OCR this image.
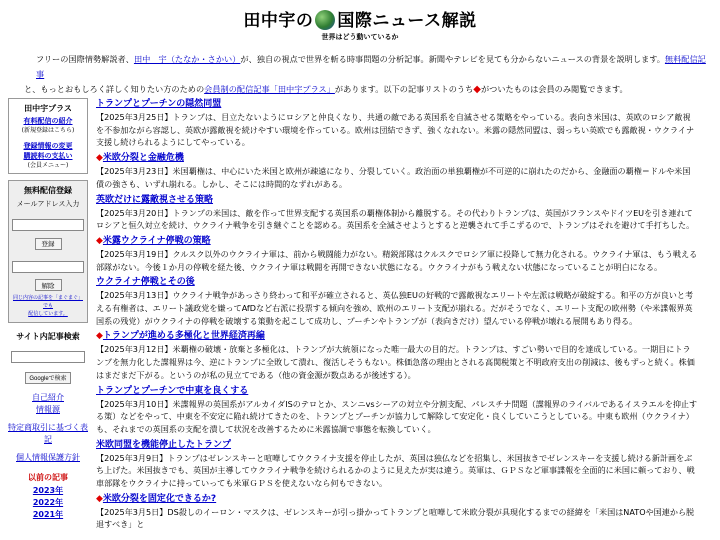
田中宇の 国際ニュース解説
世界はどう動いているか
フリーの国際情勢解説者、田中　宇（たなか・さかい）が、独自の視点で世界を斬る時事問題の分析記事。新聞やテレビを見ても分からないニュースの背景を説明します。無料配信記事
と、もっとおもしろく詳しく知りたい方のための会員制の配信記事「田中宇プラス」があります。以下の記事リストのうち◆がついたものは会員のみ閲覧できます。
田中宇プラス
有料配信の紹介
(新規登録はこちら)
登録情報の変更
購読料の支払い
(会員メニュー)
無料配信登録
メールアドレス入力
登録  解除
同じ内容の記事を「まぐまぐ」でも
配信しています。
サイト内記事検索
Googleで検索
自己紹介
情報源
特定商取引に基づく表記
個人情報保護方針
以前の記事
2023年
2022年
2021年
トランプとプーチンの隠然同盟
【2025年3月25日】トランプは、目立たないようにロシアと仲良くなり、共通の敵である英国系を自滅させる策略をやっている。表向き米国は、英欧のロシア敵視を不参加ながら容認し、英欧が露敵視を続けやすい環境を作っている。欧州は団結できず、強くなれない。米露の隠然同盟は、弱っちい英欧でも露敵視・ウクライナ支援し続けられるようにしてやっている。
◆米欧分裂と金融危機
【2025年3月23日】米国覇権は、中心にいた米国と欧州が疎遠になり、分裂していく。政治面の単独覇権が不可逆的に崩れたのだから、金融面の覇権＝ドルや米国債の強さも、いずれ崩れる。しかし、そこには時間的なずれがある。
英欧だけに露敵視させる策略
【2025年3月20日】トランプの米国は、敵を作って世界支配する英国系の覇権体制から離脱する。その代わりトランプは、英国がフランスやドイツEUを引き連れてロシアと恒久対立を続け、ウクライナ戦争を引き継ぐことを認める。英国系を全滅させようとすると逆襲されて手こずるので、トランプはそれを避けて手打ちした。
◆米露ウクライナ停戦の策略
【2025年3月19日】クルスク以外のウクライナ軍は、前から戦闘能力がない。精鋭部隊はクルスクでロシア軍に投降して無力化される。ウクライナ軍は、もう戦える部隊がない。今後１か月の停戦を経た後、ウクライナ軍は戦闘を再開できない状態になる。ウクライナがもう戦えない状態になっていることが明白になる。
ウクライナ停戦とその後
【2025年3月13日】ウクライナ戦争があっさり終わって和平が確立されると、英仏独EUの好戦的で露敵視なエリートや左派は戦略が破綻する。和平の方が良いと考える有権者は、エリート議政党を嫌ってAfDなど右派に投票する傾向を強め、欧州のエリート支配が崩れる。だがそうでなく、エリート支配の欧州勢（や米諜報界英国系の残党）がウクライナの停戦を破壊する策動を起こして成功し、プーチンやトランプが（表向きだけ）望んでいる停戦が壊れる展開もあり得る。
◆トランプが進める多極化と世界経済再編
【2025年3月12日】米覇権の破壊・放棄と多極化は、トランプが大統領になった唯一最大の目的だ。トランプは、すごい勢いで目的を達成している。一期目にトランプを無力化した諜報界は今、逆にトランプに全敗して潰れ、復活しそうもない。株価急落の理由とされる高関税策と不明政府支出の削減は、後もずっと続く。株価はまだまだ下がる。というのが私の見立てである（他の資金源が数点あるが後述する）。
トランプとプーチンで中東を良くする
【2025年3月10日】米諜報界の英国系がアルカイダISのテロとか、スンニvsシーアの対立や分割支配、パレスチナ問題（諜報界のライバルであるイスラエルを抑止する策）などをやって、中東を不安定に陥れ続けてきたのを、トランプとプーチンが協力して解除して安定化・良くしていこうとしている。中東も欧州（ウクライナ）も、それまでの英国系の支配を潰して状況を改善するために米露協調で事態を転換していく。
米欧同盟を機能停止したトランプ
【2025年3月9日】トランプはゼレンスキーと喧嘩してウクライナ支援を停止したが、英国は独仏などを招集し、米国抜きでゼレンスキーを支援し続ける新計画をぶち上げた。米国抜きでも、英国が主導してウクライナ戦争を続けられるかのように見えたが実は違う。英軍は、ＧＰＳなど軍事諜報を全面的に米国に頼っており、戦車部隊をウクライナに持っていっても米軍ＧＰＳを使えないなら何もできない。
◆米欧分裂を固定化できるか?
【2025年3月5日】DS殺しのイーロン・マスクは、ゼレンスキーが引っ掛かってトランプと喧嘩して米欧分裂が具現化するまでの経緯を「米国はNATOや国連から脱退すべき」と
